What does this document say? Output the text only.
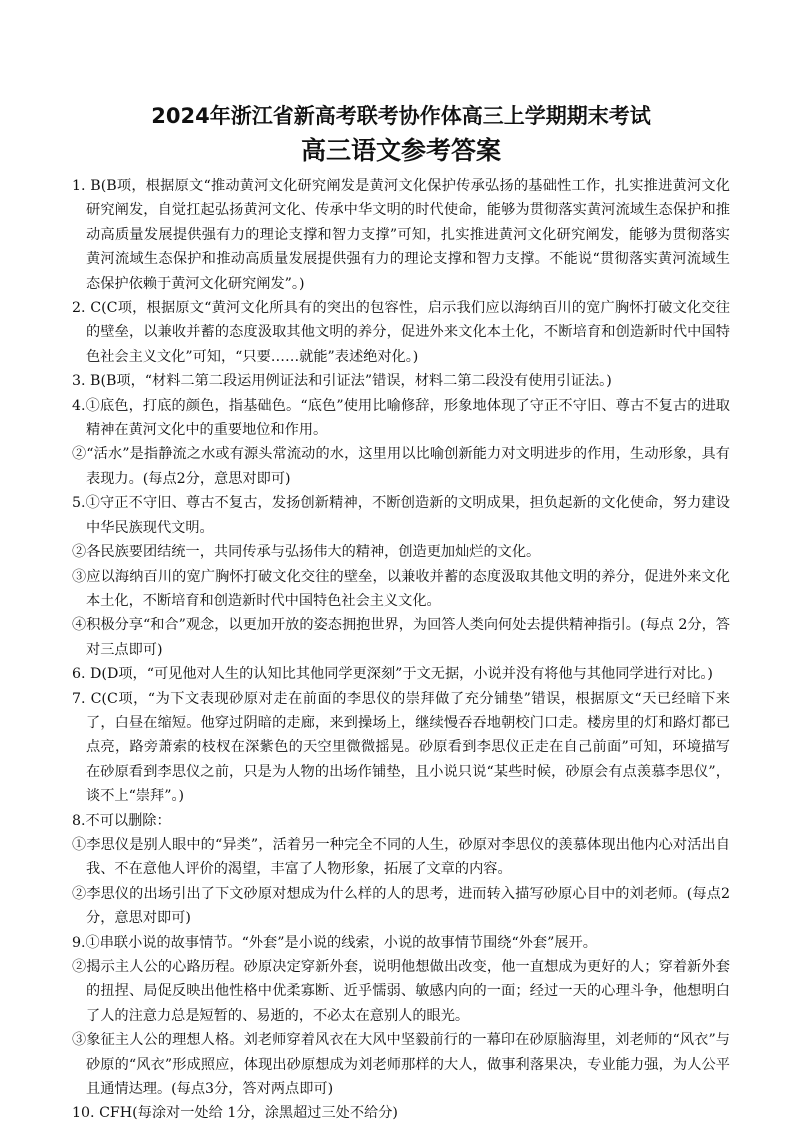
2024年浙江省新高考联考协作体高三上学期期末考试
高三语文参考答案

1. B(B项，根据原文“推动黄河文化研究阐发是黄河文化保护传承弘扬的基础性工作，扎实推进黄河文化研究阐发，自觉扛起弘扬黄河文化、传承中华文明的时代使命，能够为贯彻落实黄河流域生态保护和推动高质量发展提供强有力的理论支撑和智力支撑”可知，扎实推进黄河文化研究阐发，能够为贯彻落实黄河流域生态保护和推动高质量发展提供强有力的理论支撑和智力支撑。不能说“贯彻落实黄河流域生态保护依赖于黄河文化研究阐发”。)

2. C(C项，根据原文“黄河文化所具有的突出的包容性，启示我们应以海纳百川的宽广胸怀打破文化交往的壁垒，以兼收并蓄的态度汲取其他文明的养分，促进外来文化本土化，不断培育和创造新时代中国特色社会主义文化”可知，“只要……就能”表述绝对化。)

3. B(B项，“材料二第二段运用例证法和引证法”错误，材料二第二段没有使用引证法。)

4.①底色，打底的颜色，指基础色。“底色”使用比喻修辞，形象地体现了守正不守旧、尊古不复古的进取精神在黄河文化中的重要地位和作用。

②“活水”是指静流之水或有源头常流动的水，这里用以比喻创新能力对文明进步的作用，生动形象，具有表现力。(每点2分，意思对即可)

5.①守正不守旧、尊古不复古，发扬创新精神，不断创造新的文明成果，担负起新的文化使命，努力建设中华民族现代文明。

②各民族要团结统一，共同传承与弘扬伟大的精神，创造更加灿烂的文化。

③应以海纳百川的宽广胸怀打破文化交往的壁垒，以兼收并蓄的态度汲取其他文明的养分，促进外来文化本土化，不断培育和创造新时代中国特色社会主义文化。

④积极分享“和合”观念，以更加开放的姿态拥抱世界，为回答人类向何处去提供精神指引。(每点 2分，答对三点即可)

6. D(D项，“可见他对人生的认知比其他同学更深刻”于文无据，小说并没有将他与其他同学进行对比。)

7. C(C项，“为下文表现砂原对走在前面的李思仪的崇拜做了充分铺垫”错误，根据原文“天已经暗下来了，白昼在缩短。他穿过阴暗的走廊，来到操场上，继续慢吞吞地朝校门口走。楼房里的灯和路灯都已点亮，路旁萧索的枝杈在深紫色的天空里微微摇晃。砂原看到李思仪正走在自己前面”可知，环境描写在砂原看到李思仪之前，只是为人物的出场作铺垫，且小说只说“某些时候，砂原会有点羡慕李思仪”，谈不上“崇拜”。)

8.不可以删除：

①李思仪是别人眼中的“异类”，活着另一种完全不同的人生，砂原对李思仪的羡慕体现出他内心对活出自我、不在意他人评价的渴望，丰富了人物形象，拓展了文章的内容。

②李思仪的出场引出了下文砂原对想成为什么样的人的思考，进而转入描写砂原心目中的刘老师。(每点2分，意思对即可)

9.①串联小说的故事情节。“外套”是小说的线索，小说的故事情节围绕“外套”展开。

②揭示主人公的心路历程。砂原决定穿新外套，说明他想做出改变，他一直想成为更好的人；穿着新外套的扭捏、局促反映出他性格中优柔寡断、近乎懦弱、敏感内向的一面；经过一天的心理斗争，他想明白了人的注意力总是短暂的、易逝的，不必太在意别人的眼光。

③象征主人公的理想人格。刘老师穿着风衣在大风中坚毅前行的一幕印在砂原脑海里，刘老师的“风衣”与砂原的“风衣”形成照应，体现出砂原想成为刘老师那样的大人，做事利落果决，专业能力强，为人公平且通情达理。(每点3分，答对两点即可)

10. CFH(每涂对一处给 1分，涂黑超过三处不给分)
